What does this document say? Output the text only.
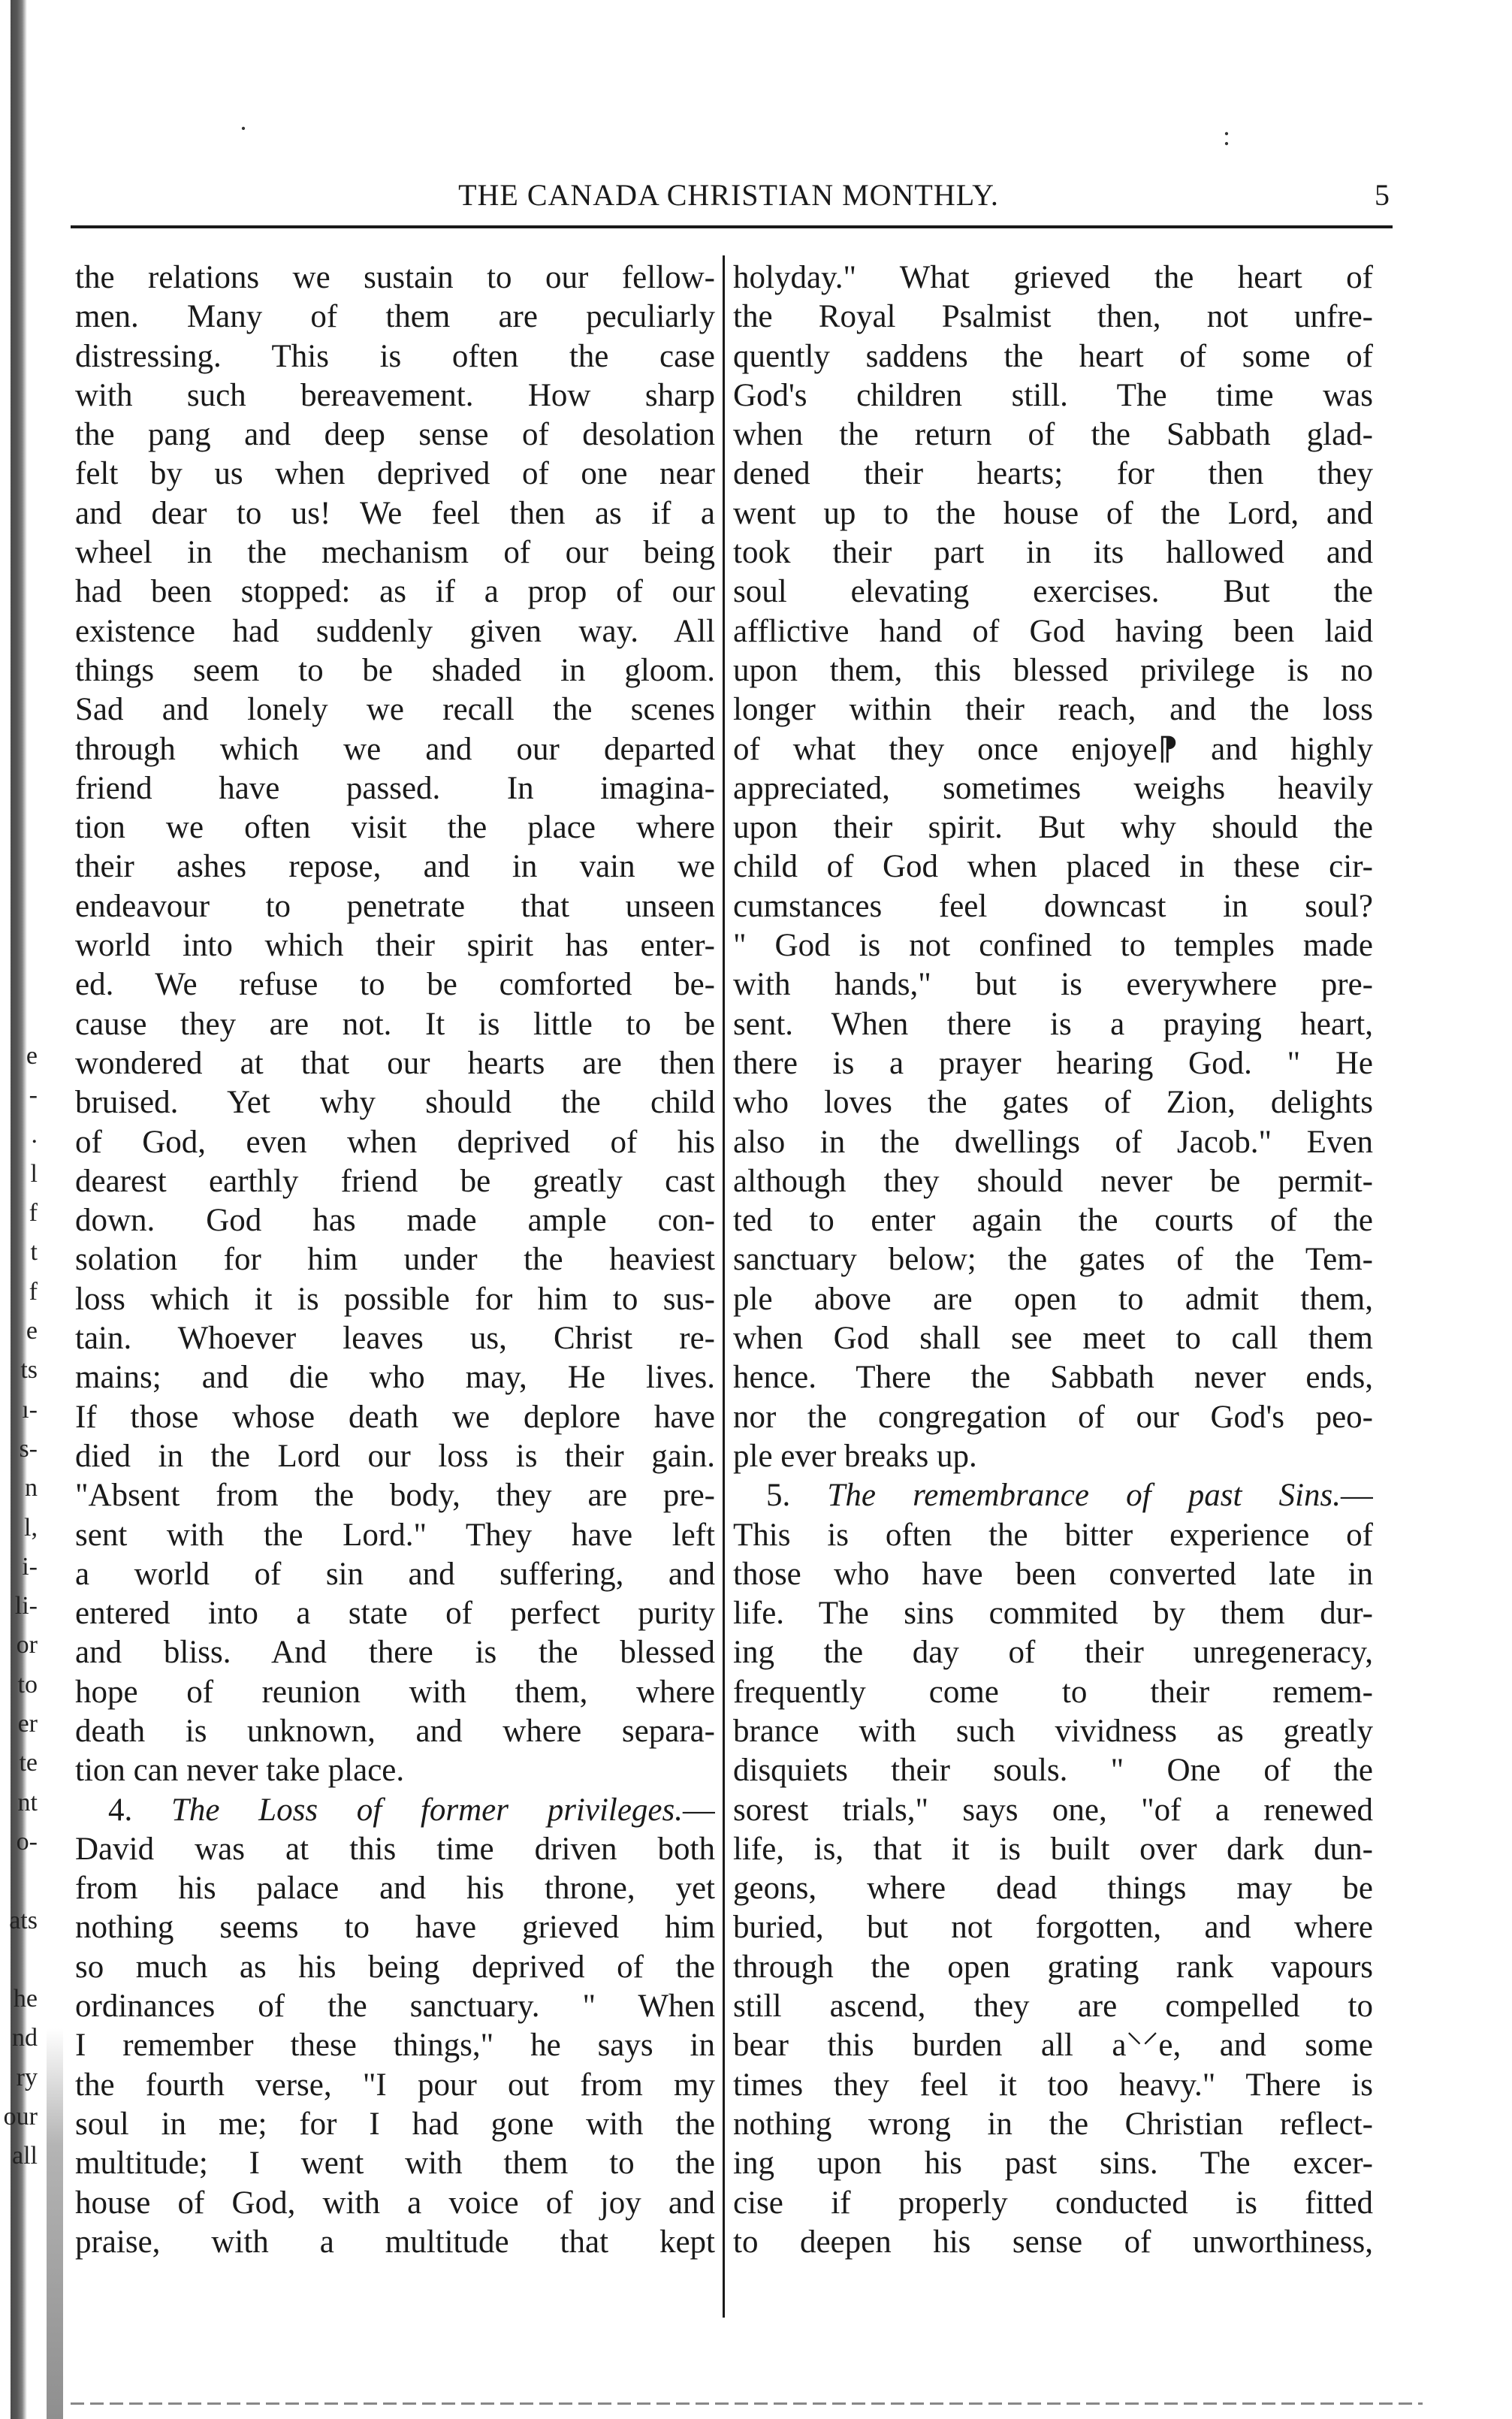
e
-
.
l
f
t
f
e
ts
ı-
s-
n
l,
i-
li-
or
to
er
te
nt
o-
ats
he
nd
ry
our
all
·	:
THE CANADA CHRISTIAN MONTHLY.	5
the relations we sustain to our fellow-
men. Many of them are peculiarly
distressing. This is often the case
with such bereavement. How sharp
the pang and deep sense of desolation
felt by us when deprived of one near
and dear to us! We feel then as if a
wheel in the mechanism of our being
had been stopped: as if a prop of our
existence had suddenly given way. All
things seem to be shaded in gloom.
Sad and lonely we recall the scenes
through which we and our departed
friend have passed. In imagina-
tion we often visit the place where
their ashes repose, and in vain we
endeavour to penetrate that unseen
world into which their spirit has enter-
ed. We refuse to be comforted be-
cause they are not. It is little to be
wondered at that our hearts are then
bruised. Yet why should the child
of God, even when deprived of his
dearest earthly friend be greatly cast
down. God has made ample con-
solation for him under the heaviest
loss which it is possible for him to sus-
tain. Whoever leaves us, Christ re-
mains; and die who may, He lives.
If those whose death we deplore have
died in the Lord our loss is their gain.
"Absent from the body, they are pre-
sent with the Lord." They have left
a world of sin and suffering, and
entered into a state of perfect purity
and bliss. And there is the blessed
hope of reunion with them, where
death is unknown, and where separa-
tion can never take place.
4. The Loss of former privileges.—
David was at this time driven both
from his palace and his throne, yet
nothing seems to have grieved him
so much as his being deprived of the
ordinances of the sanctuary. " When
I remember these things," he says in
the fourth verse, "I pour out from my
soul in me; for I had gone with the
multitude; I went with them to the
house of God, with a voice of joy and
praise, with a multitude that kept
holyday." What grieved the heart of
the Royal Psalmist then, not unfre-
quently saddens the heart of some of
God's children still. The time was
when the return of the Sabbath glad-
dened their hearts; for then they
went up to the house of the Lord, and
took their part in its hallowed and
soul elevating exercises. But the
afflictive hand of God having been laid
upon them, this blessed privilege is no
longer within their reach, and the loss
of what they once enjoye⁋ and highly
appreciated, sometimes weighs heavily
upon their spirit. But why should the
child of God when placed in these cir-
cumstances feel downcast in soul?
" God is not confined to temples made
with hands," but is everywhere pre-
sent. When there is a praying heart,
there is a prayer hearing God. " He
who loves the gates of Zion, delights
also in the dwellings of Jacob." Even
although they should never be permit-
ted to enter again the courts of the
sanctuary below; the gates of the Tem-
ple above are open to admit them,
when God shall see meet to call them
hence. There the Sabbath never ends,
nor the congregation of our God's peo-
ple ever breaks up.
5. The remembrance of past Sins.—
This is often the bitter experience of
those who have been converted late in
life. The sins commited by them dur-
ing the day of their unregeneracy,
frequently come to their remem-
brance with such vividness as greatly
disquiets their souls. " One of the
sorest trials," says one, "of a renewed
life, is, that it is built over dark dun-
geons, where dead things may be
buried, but not forgotten, and where
through the open grating rank vapours
still ascend, they are compelled to
bear this burden all a⸌⸍e, and some
times they feel it too heavy." There is
nothing wrong in the Christian reflect-
ing upon his past sins. The excer-
cise if properly conducted is fitted
to deepen his sense of unworthiness,
